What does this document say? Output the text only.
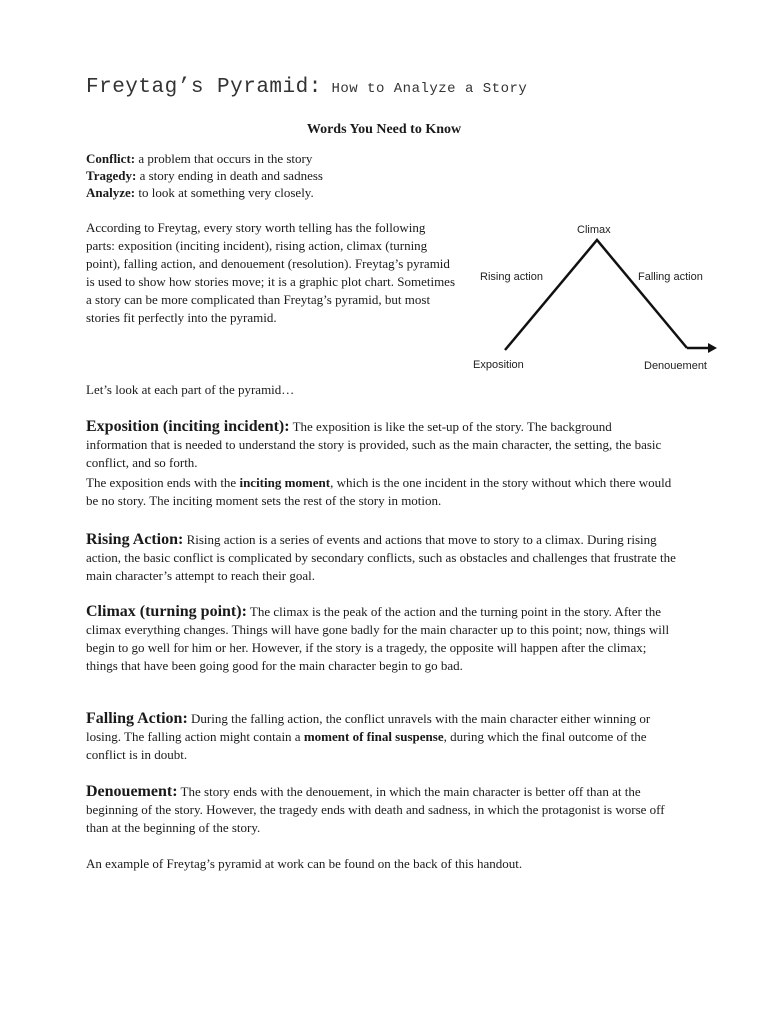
Freytag’s Pyramid: How to Analyze a Story
Words You Need to Know
Conflict: a problem that occurs in the story
Tragedy: a story ending in death and sadness
Analyze: to look at something very closely.
According to Freytag, every story worth telling has the following parts: exposition (inciting incident), rising action, climax (turning point), falling action, and denouement (resolution). Freytag’s pyramid is used to show how stories move; it is a graphic plot chart. Sometimes a story can be more complicated than Freytag’s pyramid, but most stories fit perfectly into the pyramid.
Climax
Rising action	Falling action
Exposition	Denouement
Let’s look at each part of the pyramid…

Exposition (inciting incident): The exposition is like the set-up of the story. The background information that is needed to understand the story is provided, such as the main character, the setting, the basic conflict, and so forth.

The exposition ends with the inciting moment, which is the one incident in the story without which there would be no story. The inciting moment sets the rest of the story in motion.

Rising Action: Rising action is a series of events and actions that move to story to a climax. During rising action, the basic conflict is complicated by secondary conflicts, such as obstacles and challenges that frustrate the main character’s attempt to reach their goal.

Climax (turning point): The climax is the peak of the action and the turning point in the story. After the climax everything changes. Things will have gone badly for the main character up to this point; now, things will begin to go well for him or her. However, if the story is a tragedy, the opposite will happen after the climax; things that have been going good for the main character begin to go bad.

Falling Action: During the falling action, the conflict unravels with the main character either winning or losing. The falling action might contain a moment of final suspense, during which the final outcome of the conflict is in doubt.

Denouement: The story ends with the denouement, in which the main character is better off than at the beginning of the story. However, the tragedy ends with death and sadness, in which the protagonist is worse off than at the beginning of the story.

An example of Freytag’s pyramid at work can be found on the back of this handout.
